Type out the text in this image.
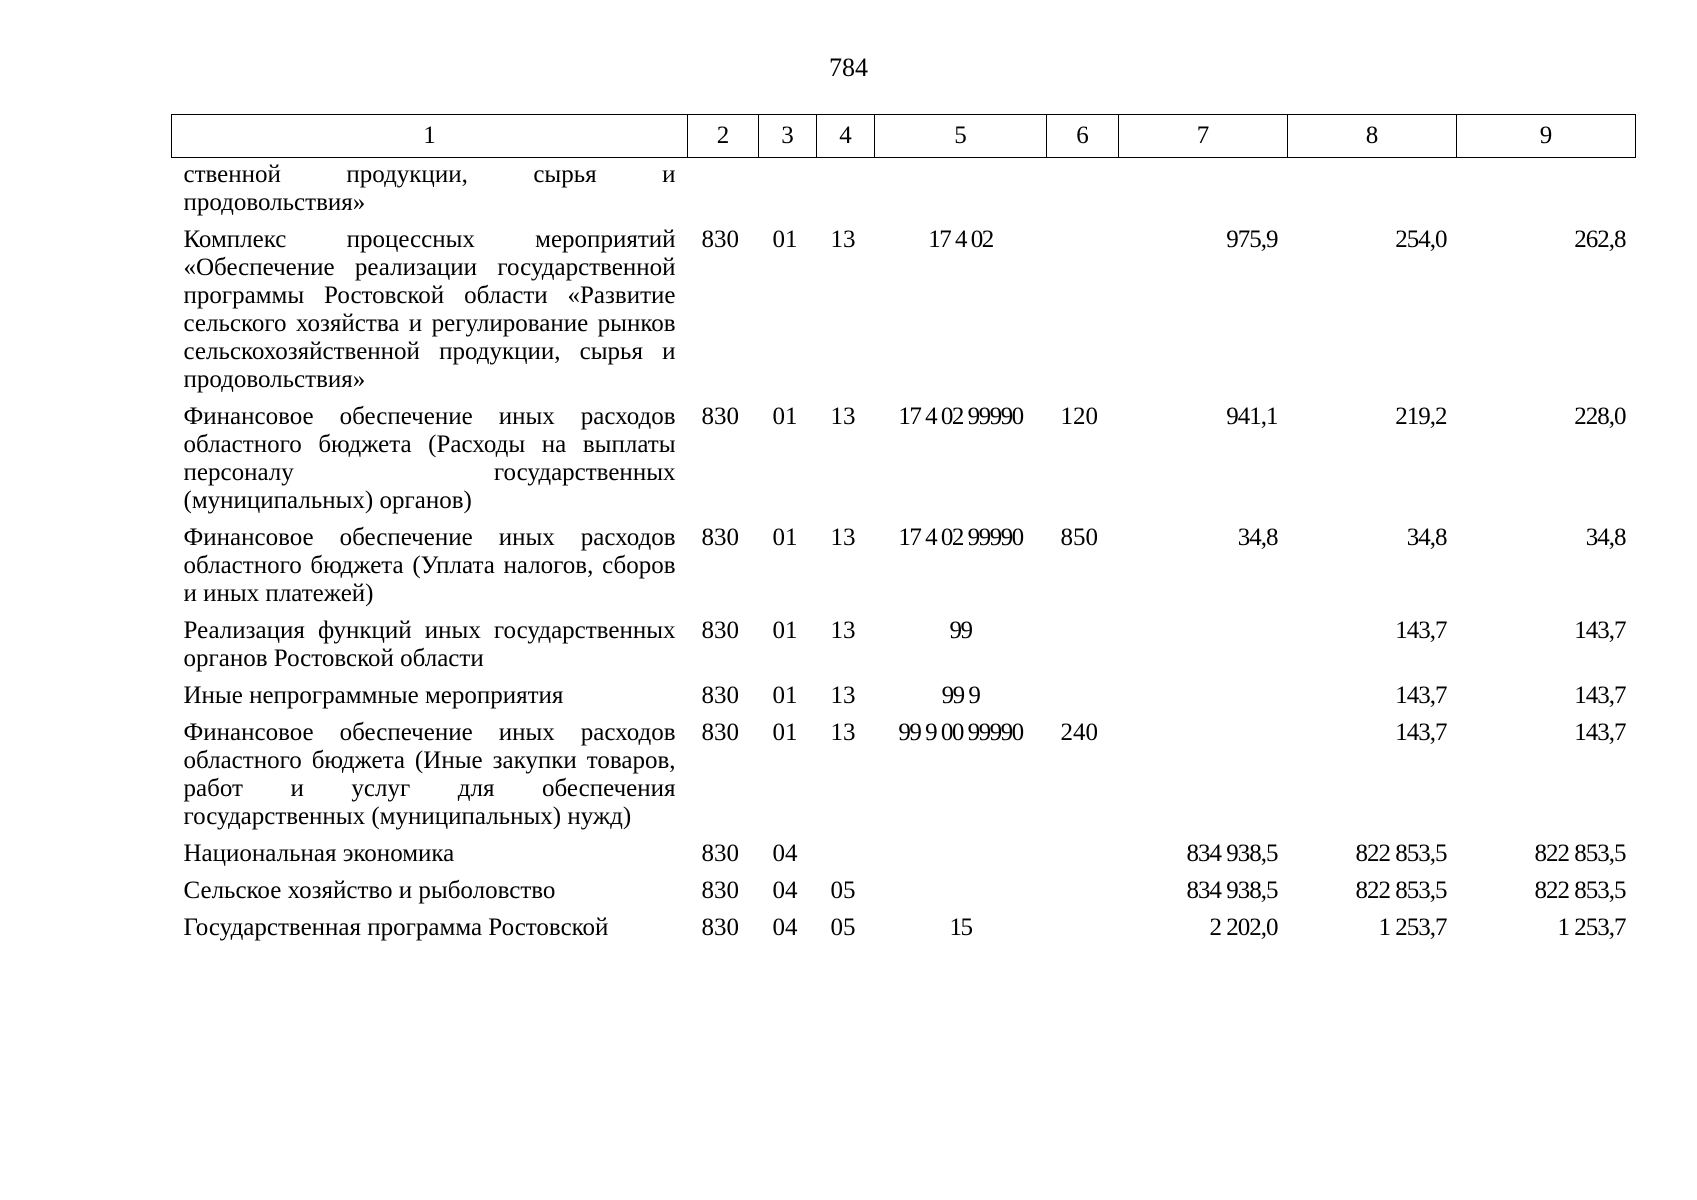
784
1	2	3	4	5	6	7	8	9
ственной продукции, сырья и продовольствия»								
Комплекс процессных мероприятий «Обеспечение реализации государственной программы Ростовской области «Развитие сельского хозяйства и регулирование рынков сельскохозяйственной продукции, сырья и продовольствия»	830	01	13	17 4 02		975,9	254,0	262,8
Финансовое обеспечение иных расходов областного бюджета (Расходы на выплаты персоналу государственных (муниципальных) органов)	830	01	13	17 4 02 99990	120	941,1	219,2	228,0
Финансовое обеспечение иных расходов областного бюджета (Уплата налогов, сборов и иных платежей)	830	01	13	17 4 02 99990	850	34,8	34,8	34,8
Реализация функций иных государственных органов Ростовской области	830	01	13	99			143,7	143,7
Иные непрограммные мероприятия	830	01	13	99 9			143,7	143,7
Финансовое обеспечение иных расходов областного бюджета (Иные закупки товаров, работ и услуг для обеспечения государственных (муниципальных) нужд)	830	01	13	99 9 00 99990	240		143,7	143,7
Национальная экономика	830	04				834 938,5	822 853,5	822 853,5
Сельское хозяйство и рыболовство	830	04	05			834 938,5	822 853,5	822 853,5
Государственная программа Ростовской	830	04	05	15		2 202,0	1 253,7	1 253,7
